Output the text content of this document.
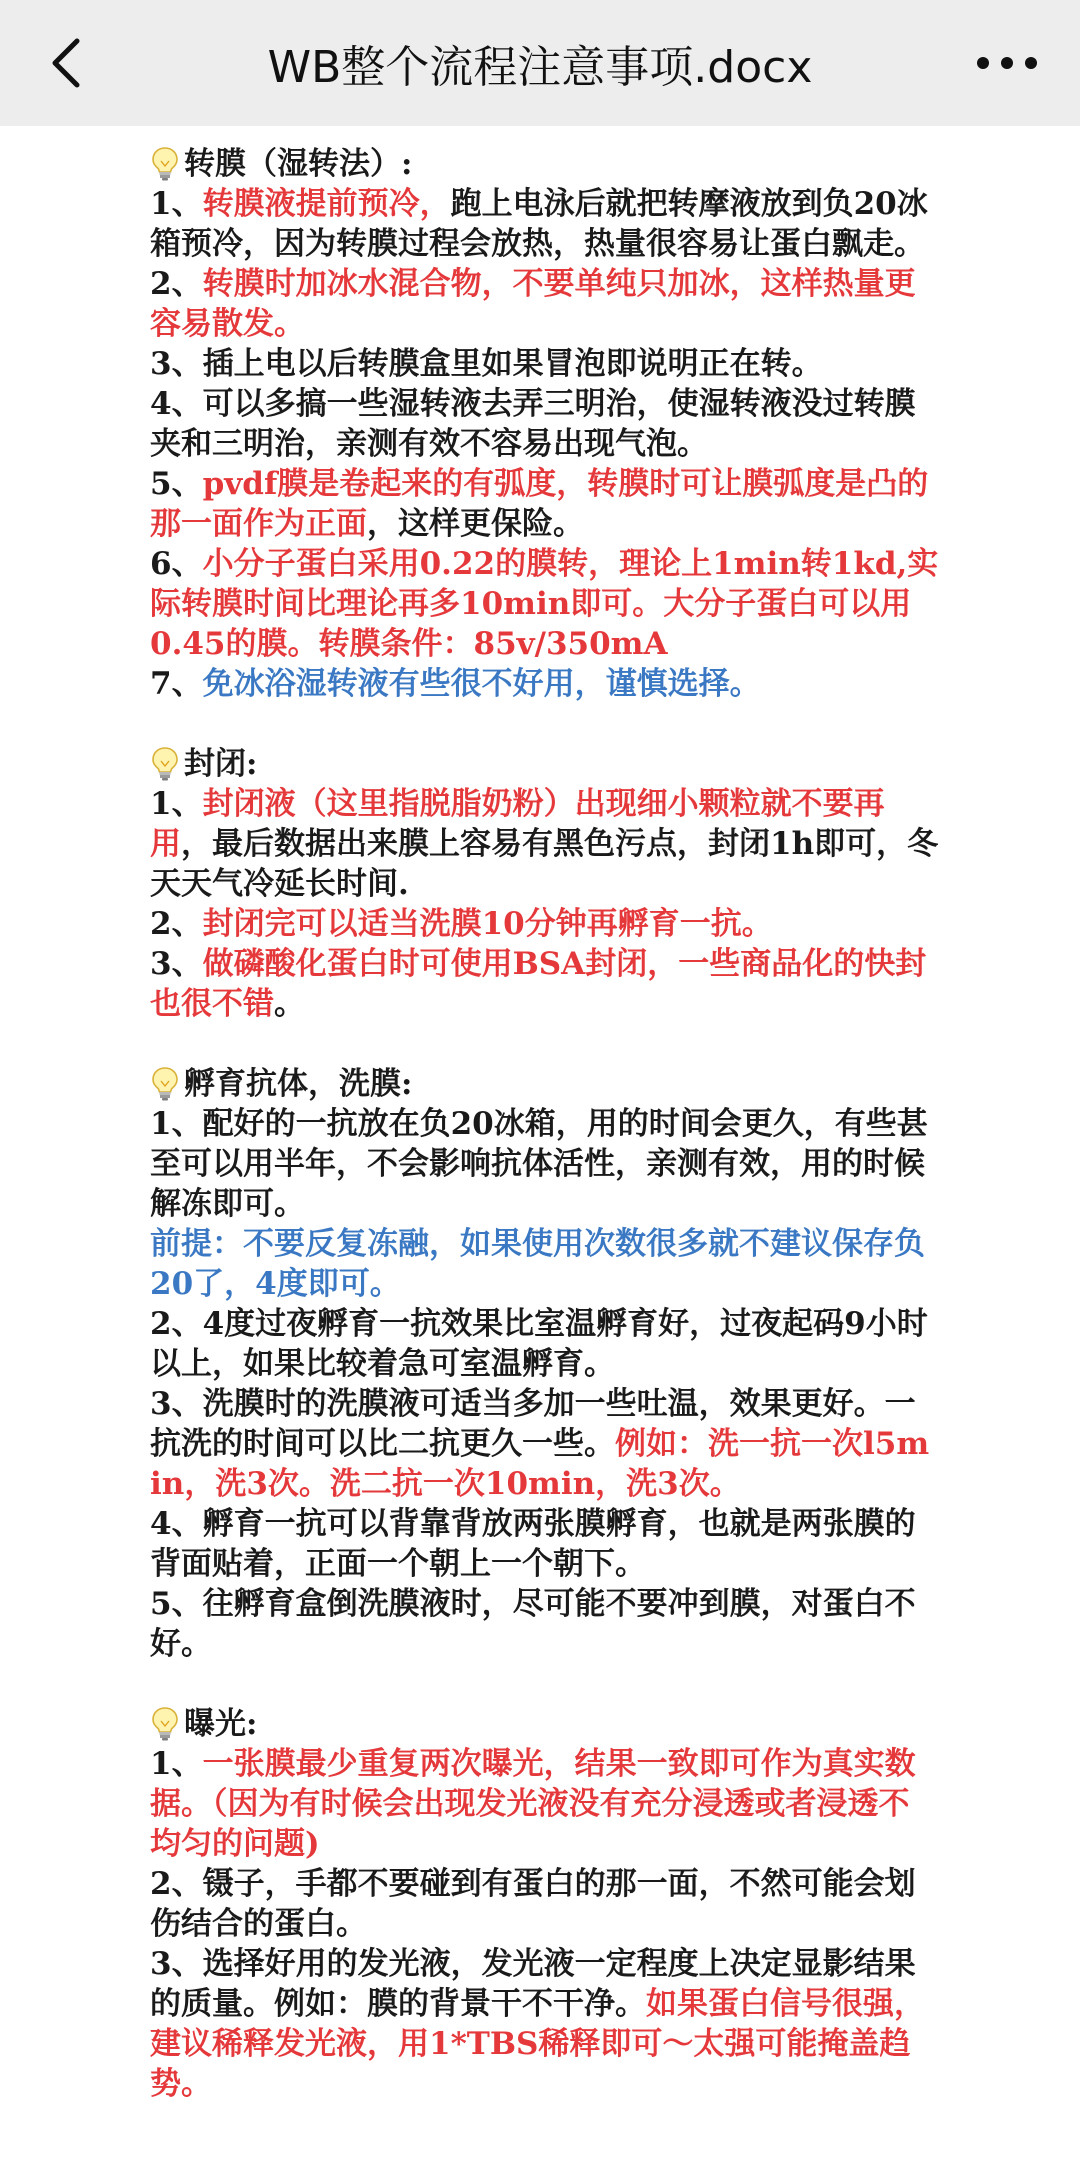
WB整个流程注意事项.docx
转膜（湿转法）:

1、转膜液提前预冷，跑上电泳后就把转摩液放到负20冰箱预冷，因为转膜过程会放热，热量很容易让蛋白飘走。

2、转膜时加冰水混合物，不要单纯只加冰，这样热量更容易散发。

3、插上电以后转膜盒里如果冒泡即说明正在转。

4、可以多搞一些湿转液去弄三明治，使湿转液没过转膜夹和三明治，亲测有效不容易出现气泡。

5、pvdf膜是卷起来的有弧度，转膜时可让膜弧度是凸的那一面作为正面，这样更保险。

6、小分子蛋白采用0.22的膜转，理论上1min转1kd,实际转膜时间比理论再多10min即可。大分子蛋白可以用0.45的膜。转膜条件：85v/350mA

7、免冰浴湿转液有些很不好用，谨慎选择。

封闭:

1、封闭液（这里指脱脂奶粉）出现细小颗粒就不要再用，最后数据出来膜上容易有黑色污点，封闭1h即可，冬天天气冷延长时间.

2、封闭完可以适当洗膜10分钟再孵育一抗。

3、做磷酸化蛋白时可使用BSA封闭，一些商品化的快封也很不错。

孵育抗体，洗膜:

1、配好的一抗放在负20冰箱，用的时间会更久，有些甚至可以用半年，不会影响抗体活性，亲测有效，用的时候解冻即可。

前提：不要反复冻融，如果使用次数很多就不建议保存负20了，4度即可。

2、4度过夜孵育一抗效果比室温孵育好，过夜起码9小时以上，如果比较着急可室温孵育。

3、洗膜时的洗膜液可适当多加一些吐温，效果更好。一抗洗的时间可以比二抗更久一些。例如：洗一抗一次l5min，洗3次。洗二抗一次10min，洗3次。

4、孵育一抗可以背靠背放两张膜孵育，也就是两张膜的背面贴着，正面一个朝上一个朝下。

5、往孵育盒倒洗膜液时，尽可能不要冲到膜，对蛋白不好。

曝光:

1、一张膜最少重复两次曝光，结果一致即可作为真实数据。（因为有时候会出现发光液没有充分浸透或者浸透不均匀的问题)

2、镊子，手都不要碰到有蛋白的那一面，不然可能会划伤结合的蛋白。

3、选择好用的发光液，发光液一定程度上决定显影结果的质量。例如：膜的背景干不干净。如果蛋白信号很强，建议稀释发光液，用1*TBS稀释即可～太强可能掩盖趋势。
